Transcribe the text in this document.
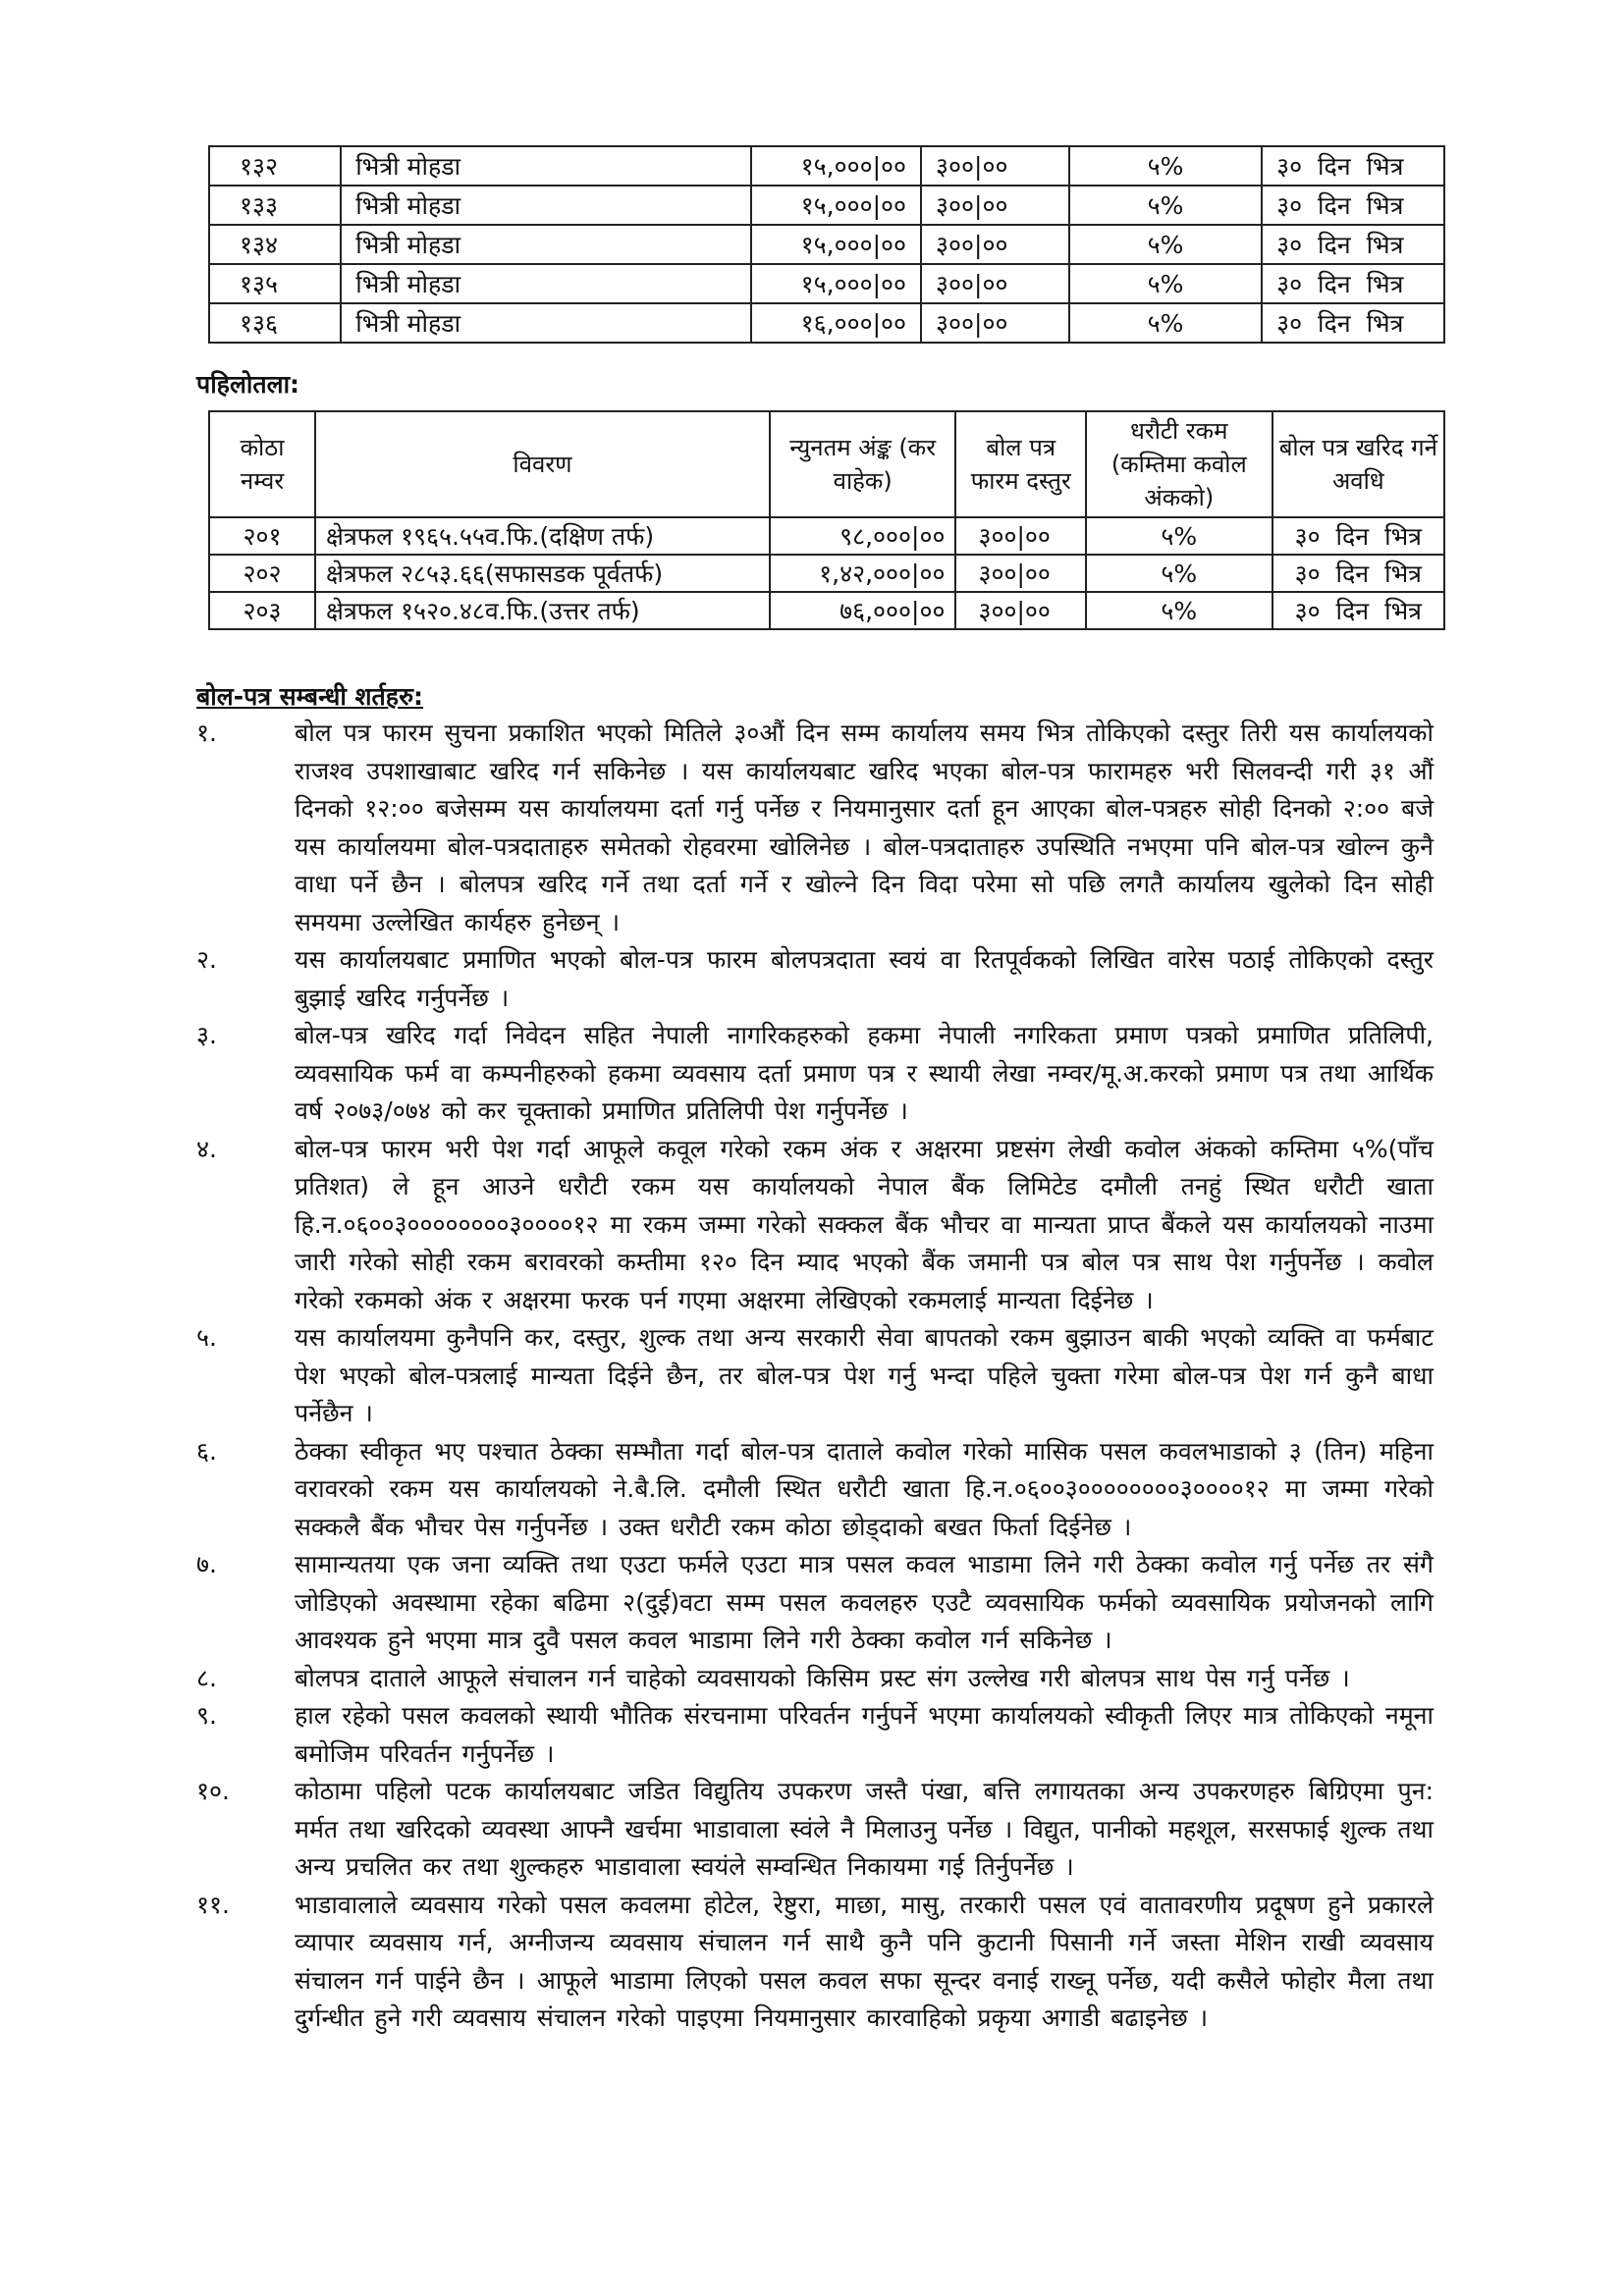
१३२	भित्री मोहडा	१५,०००|००	३००|००	५%	३० दिन भित्र
१३३	भित्री मोहडा	१५,०००|००	३००|००	५%	३० दिन भित्र
१३४	भित्री मोहडा	१५,०००|००	३००|००	५%	३० दिन भित्र
१३५	भित्री मोहडा	१५,०००|००	३००|००	५%	३० दिन भित्र
१३६	भित्री मोहडा	१६,०००|००	३००|००	५%	३० दिन भित्र
पहिलोतला:
कोठा नम्वर	विवरण	न्युनतम अंङ्क (कर वाहेक)	बोल पत्र फारम दस्तुर	धरौटी रकम (कम्तिमा कवोल अंकको)	बोल पत्र खरिद गर्ने अवधि
२०१	क्षेत्रफल १९६५.५५व.फि.(दक्षिण तर्फ)	९८,०००|००	३००|००	५%	३० दिन भित्र
२०२	क्षेत्रफल २८५३.६६(सफासडक पूर्वतर्फ)	१,४२,०००|००	३००|००	५%	३० दिन भित्र
२०३	क्षेत्रफल १५२०.४८व.फि.(उत्तर तर्फ)	७६,०००|००	३००|००	५%	३० दिन भित्र
बोल-पत्र सम्बन्धी शर्तहरु:
१.	बोल पत्र फारम सुचना प्रकाशित भएको मितिले ३०औं दिन सम्म कार्यालय समय भित्र तोकिएको दस्तुर तिरी यस कार्यालयको राजश्व उपशाखाबाट खरिद गर्न सकिनेछ । यस कार्यालयबाट खरिद भएका बोल-पत्र फारामहरु भरी सिलवन्दी गरी ३१ औं दिनको १२:०० बजेसम्म यस कार्यालयमा दर्ता गर्नु पर्नेछ र नियमानुसार दर्ता हून आएका बोल-पत्रहरु सोही दिनको २:०० बजे यस कार्यालयमा बोल-पत्रदाताहरु समेतको रोहवरमा खोलिनेछ । बोल-पत्रदाताहरु उपस्थिति नभएमा पनि बोल-पत्र खोल्न कुनै वाधा पर्ने छैन । बोलपत्र खरिद गर्ने तथा दर्ता गर्ने र खोल्ने दिन विदा परेमा सो पछि लगतै कार्यालय खुलेको दिन सोही समयमा उल्लेखित कार्यहरु हुनेछन् ।
२.	यस कार्यालयबाट प्रमाणित भएको बोल-पत्र फारम बोलपत्रदाता स्वयं वा रितपूर्वकको लिखित वारेस पठाई तोकिएको दस्तुर बुझाई खरिद गर्नुपर्नेछ ।
३.	बोल-पत्र खरिद गर्दा निवेदन सहित नेपाली नागरिकहरुको हकमा नेपाली नगरिकता प्रमाण पत्रको प्रमाणित प्रतिलिपी, व्यवसायिक फर्म वा कम्पनीहरुको हकमा व्यवसाय दर्ता प्रमाण पत्र र स्थायी लेखा नम्वर/मू.अ.करको प्रमाण पत्र तथा आर्थिक वर्ष २०७३/०७४ को कर चूक्ताको प्रमाणित प्रतिलिपी पेश गर्नुपर्नेछ ।
४.	बोल-पत्र फारम भरी पेश गर्दा आफूले कवूल गरेको रकम अंक र अक्षरमा प्रष्टसंग लेखी कवोल अंकको कम्तिमा ५%(पाँच प्रतिशत) ले हून आउने धरौटी रकम यस कार्यालयको नेपाल बैंक लिमिटेड दमौली तनहुं स्थित धरौटी खाता हि.न.०६००३००००००००३००००१२ मा रकम जम्मा गरेको सक्कल बैंक भौचर वा मान्यता प्राप्त बैंकले यस कार्यालयको नाउमा जारी गरेको सोही रकम बरावरको कम्तीमा १२० दिन म्याद भएको बैंक जमानी पत्र बोल पत्र साथ पेश गर्नुपर्नेछ । कवोल गरेको रकमको अंक र अक्षरमा फरक पर्न गएमा अक्षरमा लेखिएको रकमलाई मान्यता दिईनेछ ।
५.	यस कार्यालयमा कुनैपनि कर, दस्तुर, शुल्क तथा अन्य सरकारी सेवा बापतको रकम बुझाउन बाकी भएको व्यक्ति वा फर्मबाट पेश भएको बोल-पत्रलाई मान्यता दिईने छैन, तर बोल-पत्र पेश गर्नु भन्दा पहिले चुक्ता गरेमा बोल-पत्र पेश गर्न कुनै बाधा पर्नेछैन ।
६.	ठेक्का स्वीकृत भए पश्चात ठेक्का सम्भौता गर्दा बोल-पत्र दाताले कवोल गरेको मासिक पसल कवलभाडाको ३ (तिन) महिना वरावरको रकम यस कार्यालयको ने.बै.लि. दमौली स्थित धरौटी खाता हि.न.०६००३००००००००३००००१२ मा जम्मा गरेको सक्कलै बैंक भौचर पेस गर्नुपर्नेछ । उक्त धरौटी रकम कोठा छोड्दाको बखत फिर्ता दिईनेछ ।
७.	सामान्यतया एक जना व्यक्ति तथा एउटा फर्मले एउटा मात्र पसल कवल भाडामा लिने गरी ठेक्का कवोल गर्नु पर्नेछ तर संगै जोडिएको अवस्थामा रहेका बढिमा २(दुई)वटा सम्म पसल कवलहरु एउटै व्यवसायिक फर्मको व्यवसायिक प्रयोजनको लागि आवश्यक हुने भएमा मात्र दुवै पसल कवल भाडामा लिने गरी ठेक्का कवोल गर्न सकिनेछ ।
८.	बोलपत्र दाताले आफूले संचालन गर्न चाहेको व्यवसायको किसिम प्रस्ट संग उल्लेख गरी बोलपत्र साथ पेस गर्नु पर्नेछ ।
९.	हाल रहेको पसल कवलको स्थायी भौतिक संरचनामा परिवर्तन गर्नुपर्ने भएमा कार्यालयको स्वीकृती लिएर मात्र तोकिएको नमूना बमोजिम परिवर्तन गर्नुपर्नेछ ।
१०.	कोठामा पहिलो पटक कार्यालयबाट जडित विद्युतिय उपकरण जस्तै पंखा, बत्ति लगायतका अन्य उपकरणहरु बिग्रिएमा पुन: मर्मत तथा खरिदको व्यवस्था आफ्नै खर्चमा भाडावाला स्वंले नै मिलाउनु पर्नेछ । विद्युत, पानीको महशूल, सरसफाई शुल्क तथा अन्य प्रचलित कर तथा शुल्कहरु भाडावाला स्वयंले सम्वन्धित निकायमा गई तिर्नुपर्नेछ ।
११.	भाडावालाले व्यवसाय गरेको पसल कवलमा होटेल, रेष्टुरा, माछा, मासु, तरकारी पसल एवं वातावरणीय प्रदूषण हुने प्रकारले व्यापार व्यवसाय गर्न, अग्नीजन्य व्यवसाय संचालन गर्न साथै कुनै पनि कुटानी पिसानी गर्ने जस्ता मेशिन राखी व्यवसाय संचालन गर्न पाईने छैन । आफूले भाडामा लिएको पसल कवल सफा सून्दर वनाई राख्नू पर्नेछ, यदी कसैले फोहोर मैला तथा दुर्गन्धीत हुने गरी व्यवसाय संचालन गरेको पाइएमा नियमानुसार कारवाहिको प्रकृया अगाडी बढाइनेछ ।
